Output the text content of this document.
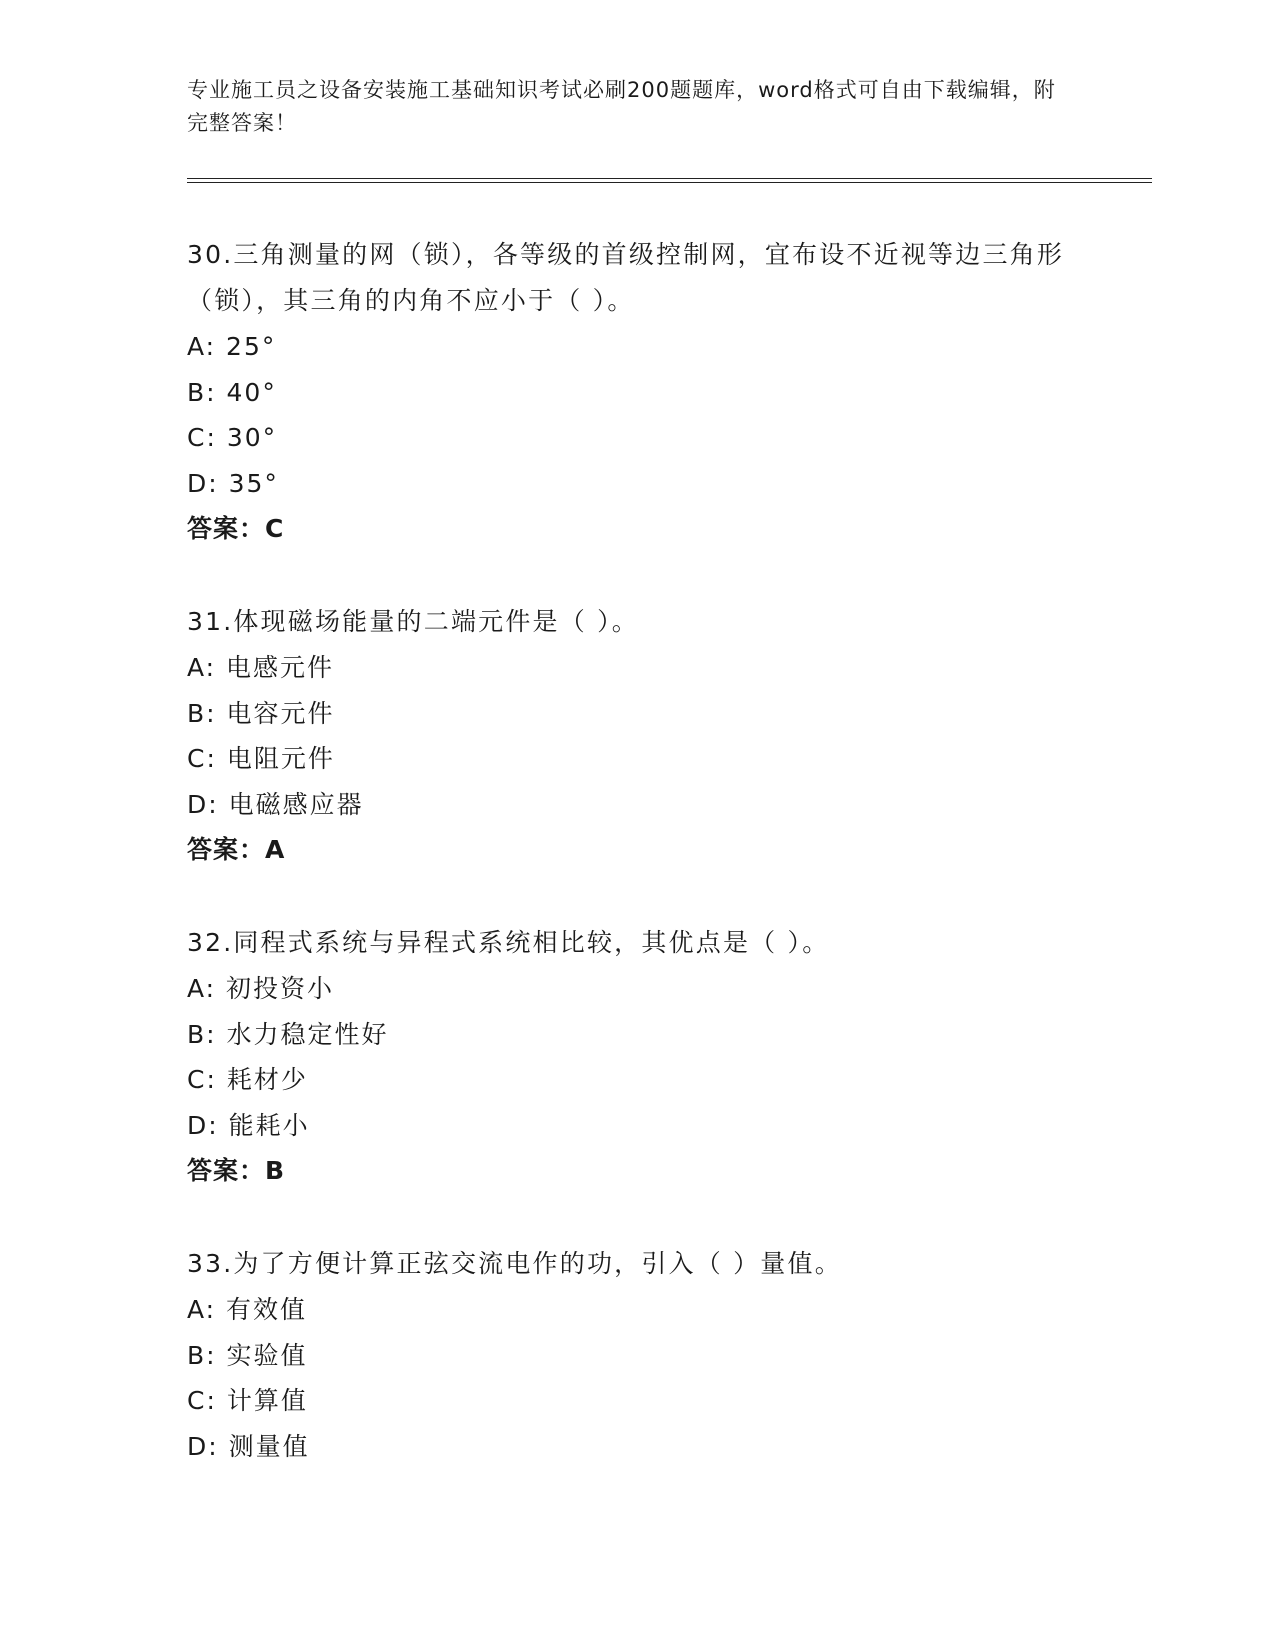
专业施工员之设备安装施工基础知识考试必刷200题题库，word格式可自由下载编辑，附完整答案！
30.三角测量的网（锁），各等级的首级控制网，宜布设不近视等边三角形（锁），其三角的内角不应小于（ ）。
A: 25°
B: 40°
C: 30°
D: 35°
答案：C
31.体现磁场能量的二端元件是（ ）。
A: 电感元件
B: 电容元件
C: 电阻元件
D: 电磁感应器
答案：A
32.同程式系统与异程式系统相比较，其优点是（ ）。
A: 初投资小
B: 水力稳定性好
C: 耗材少
D: 能耗小
答案：B
33.为了方便计算正弦交流电作的功，引入（ ）量值。
A: 有效值
B: 实验值
C: 计算值
D: 测量值
